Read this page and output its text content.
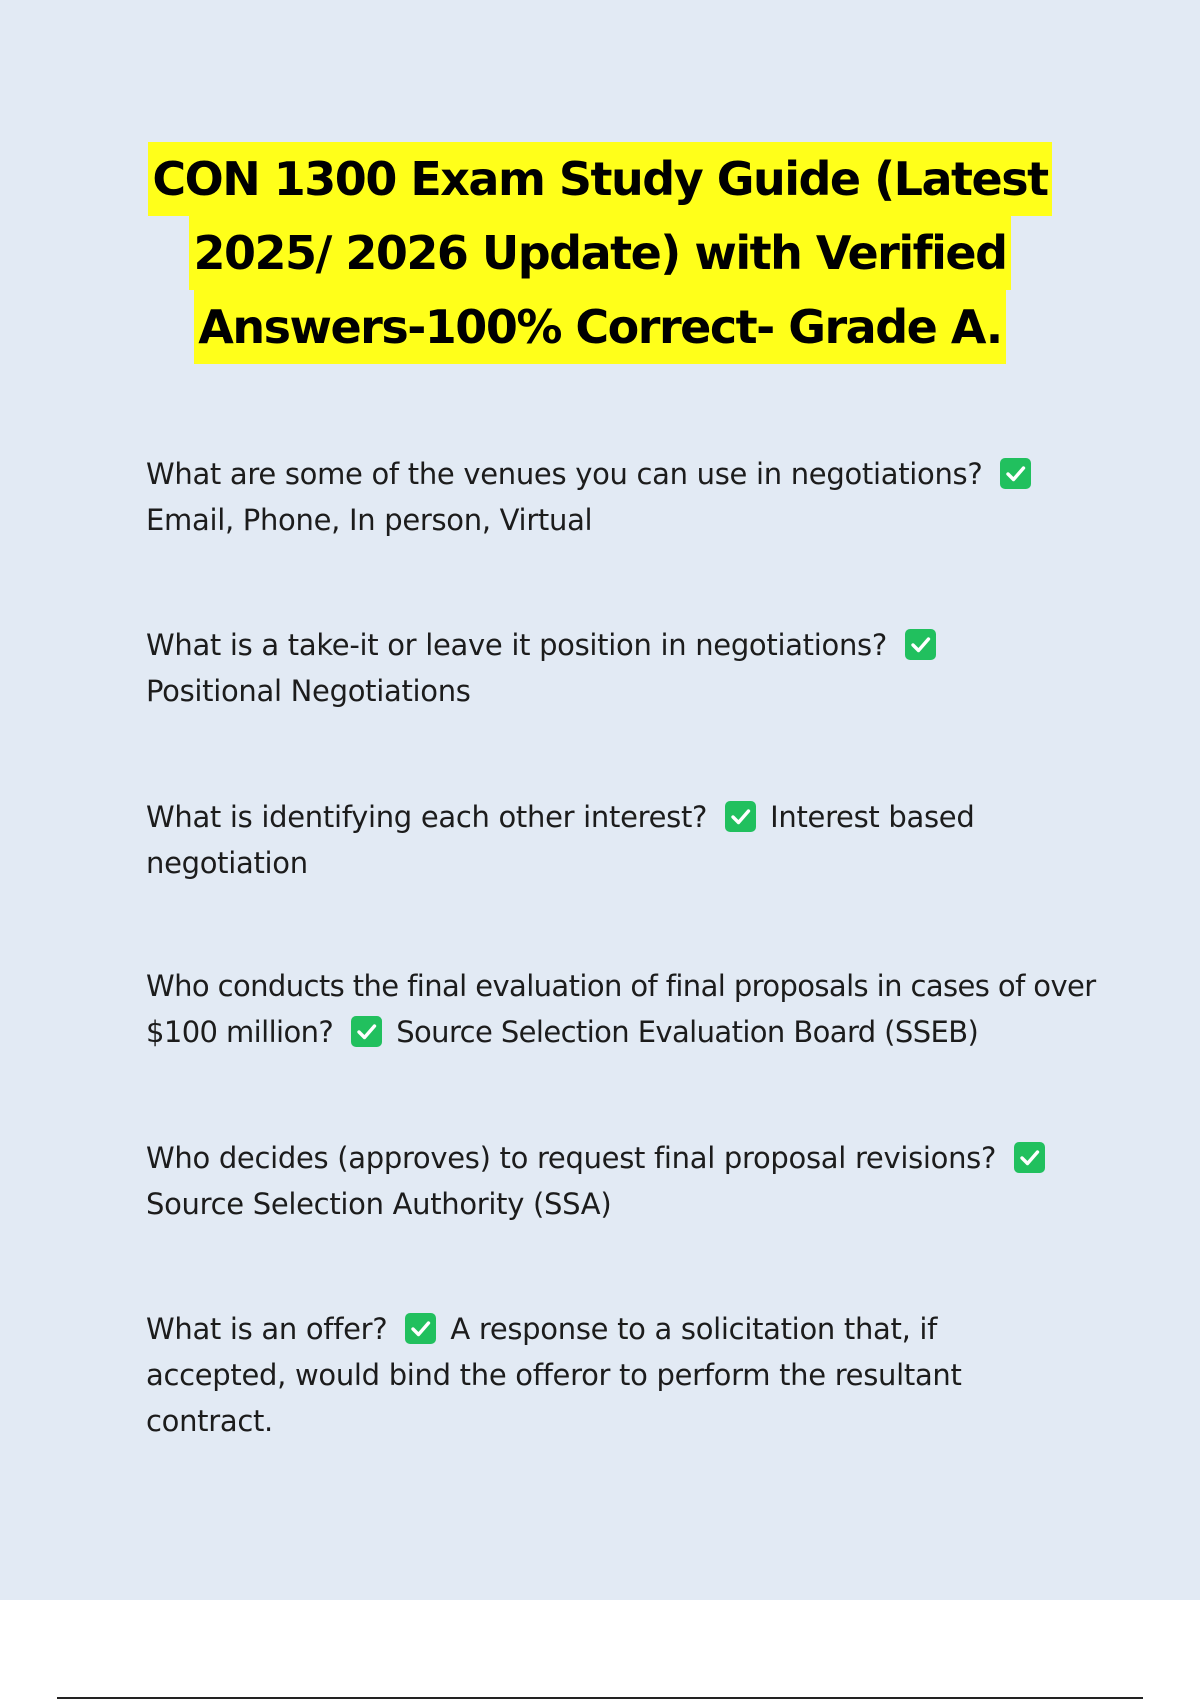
CON 1300 Exam Study Guide (Latest
2025/ 2026 Update) with Verified
Answers-100% Correct- Grade A.
What are some of the venues you can use in negotiations?

Email, Phone, In person, Virtual
What is a take-it or leave it position in negotiations?

Positional Negotiations
What is identifying each other interest? Interest based
negotiation
Who conducts the final evaluation of final proposals in cases of over $100 million? Source Selection Evaluation Board (SSEB)
Who decides (approves) to request final proposal revisions?

Source Selection Authority (SSA)
What is an offer? A response to a solicitation that, if
accepted, would bind the offeror to perform the resultant contract.
